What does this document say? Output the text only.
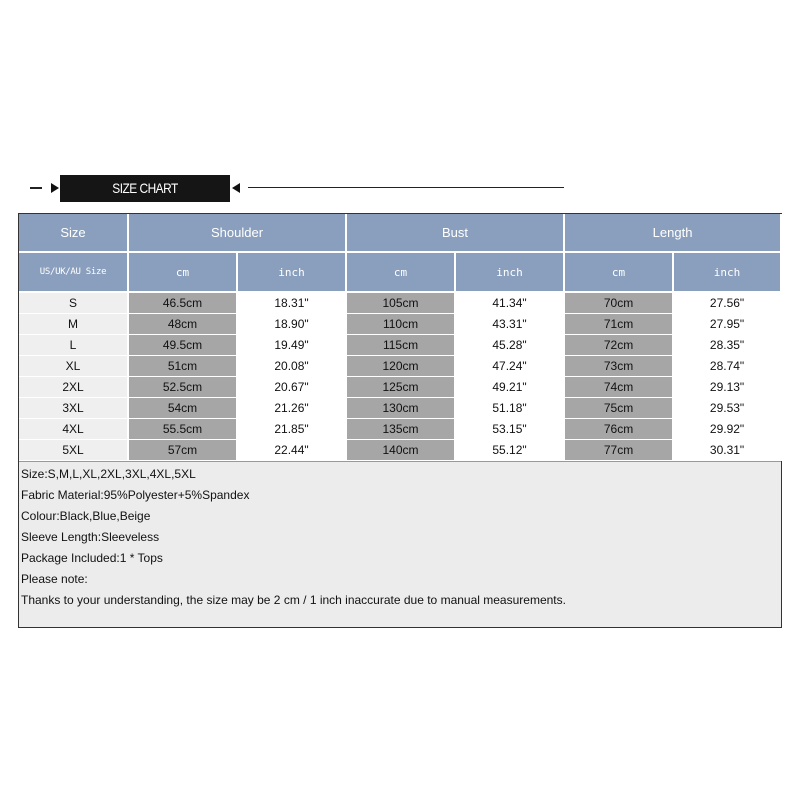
SIZE CHART
Size	Shoulder		Bust		Length	
US/UK/AU Size	cm	inch	cm	inch	cm	inch
S	46.5cm	18.31"	105cm	41.34"	70cm	27.56"
M	48cm	18.90"	110cm	43.31"	71cm	27.95"
L	49.5cm	19.49"	115cm	45.28"	72cm	28.35"
XL	51cm	20.08"	120cm	47.24"	73cm	28.74"
2XL	52.5cm	20.67"	125cm	49.21"	74cm	29.13"
3XL	54cm	21.26"	130cm	51.18"	75cm	29.53"
4XL	55.5cm	21.85"	135cm	53.15"	76cm	29.92"
5XL	57cm	22.44"	140cm	55.12"	77cm	30.31"
Size:S,M,L,XL,2XL,3XL,4XL,5XL
Fabric Material:95%Polyester+5%Spandex
Colour:Black,Blue,Beige
Sleeve Length:Sleeveless
Package Included:1 * Tops
Please note:
Thanks to your understanding, the size may be 2 cm / 1 inch inaccurate due to manual measurements.
